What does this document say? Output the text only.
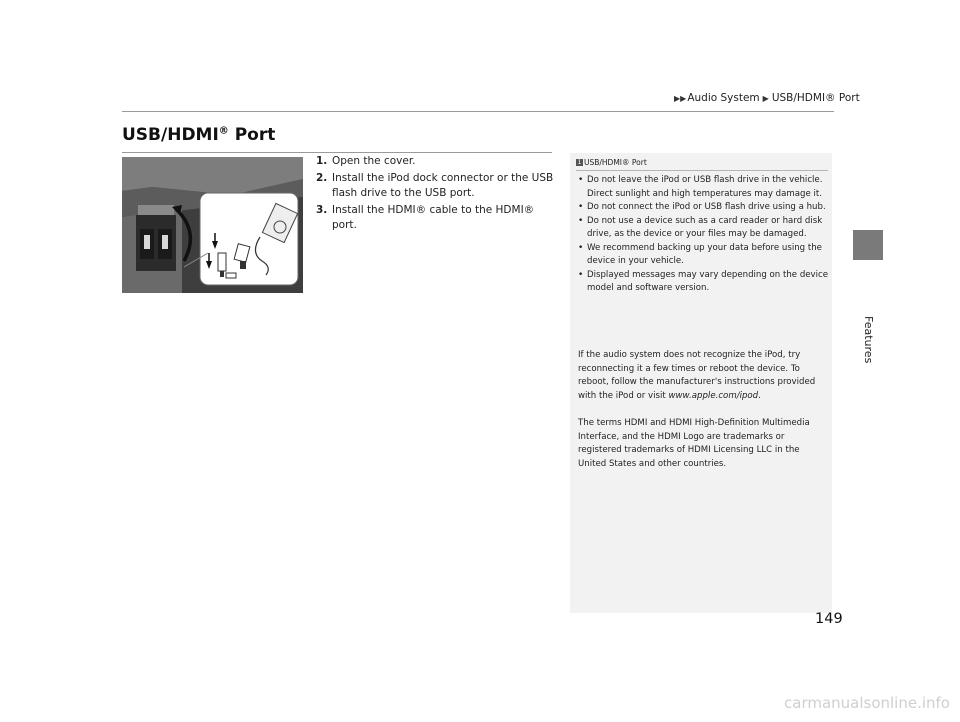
▶▶ Audio System ▶ USB/HDMI® Port
Features
USB/HDMI® Port
1. Open the cover.
2. Install the iPod dock connector or the USB flash drive to the USB port.
3. Install the HDMI® cable to the HDMI® port.
1 USB/HDMI® Port
• Do not leave the iPod or USB flash drive in the vehicle. Direct sunlight and high temperatures may damage it.
• Do not connect the iPod or USB flash drive using a hub.
• Do not use a device such as a card reader or hard disk drive, as the device or your files may be damaged.
• We recommend backing up your data before using the device in your vehicle.
• Displayed messages may vary depending on the device model and software version.

If the audio system does not recognize the iPod, try reconnecting it a few times or reboot the device. To reboot, follow the manufacturer's instructions provided with the iPod or visit www.apple.com/ipod.

The terms HDMI and HDMI High-Definition Multimedia Interface, and the HDMI Logo are trademarks or registered trademarks of HDMI Licensing LLC in the United States and other countries.

149
carmanualsonline.info
